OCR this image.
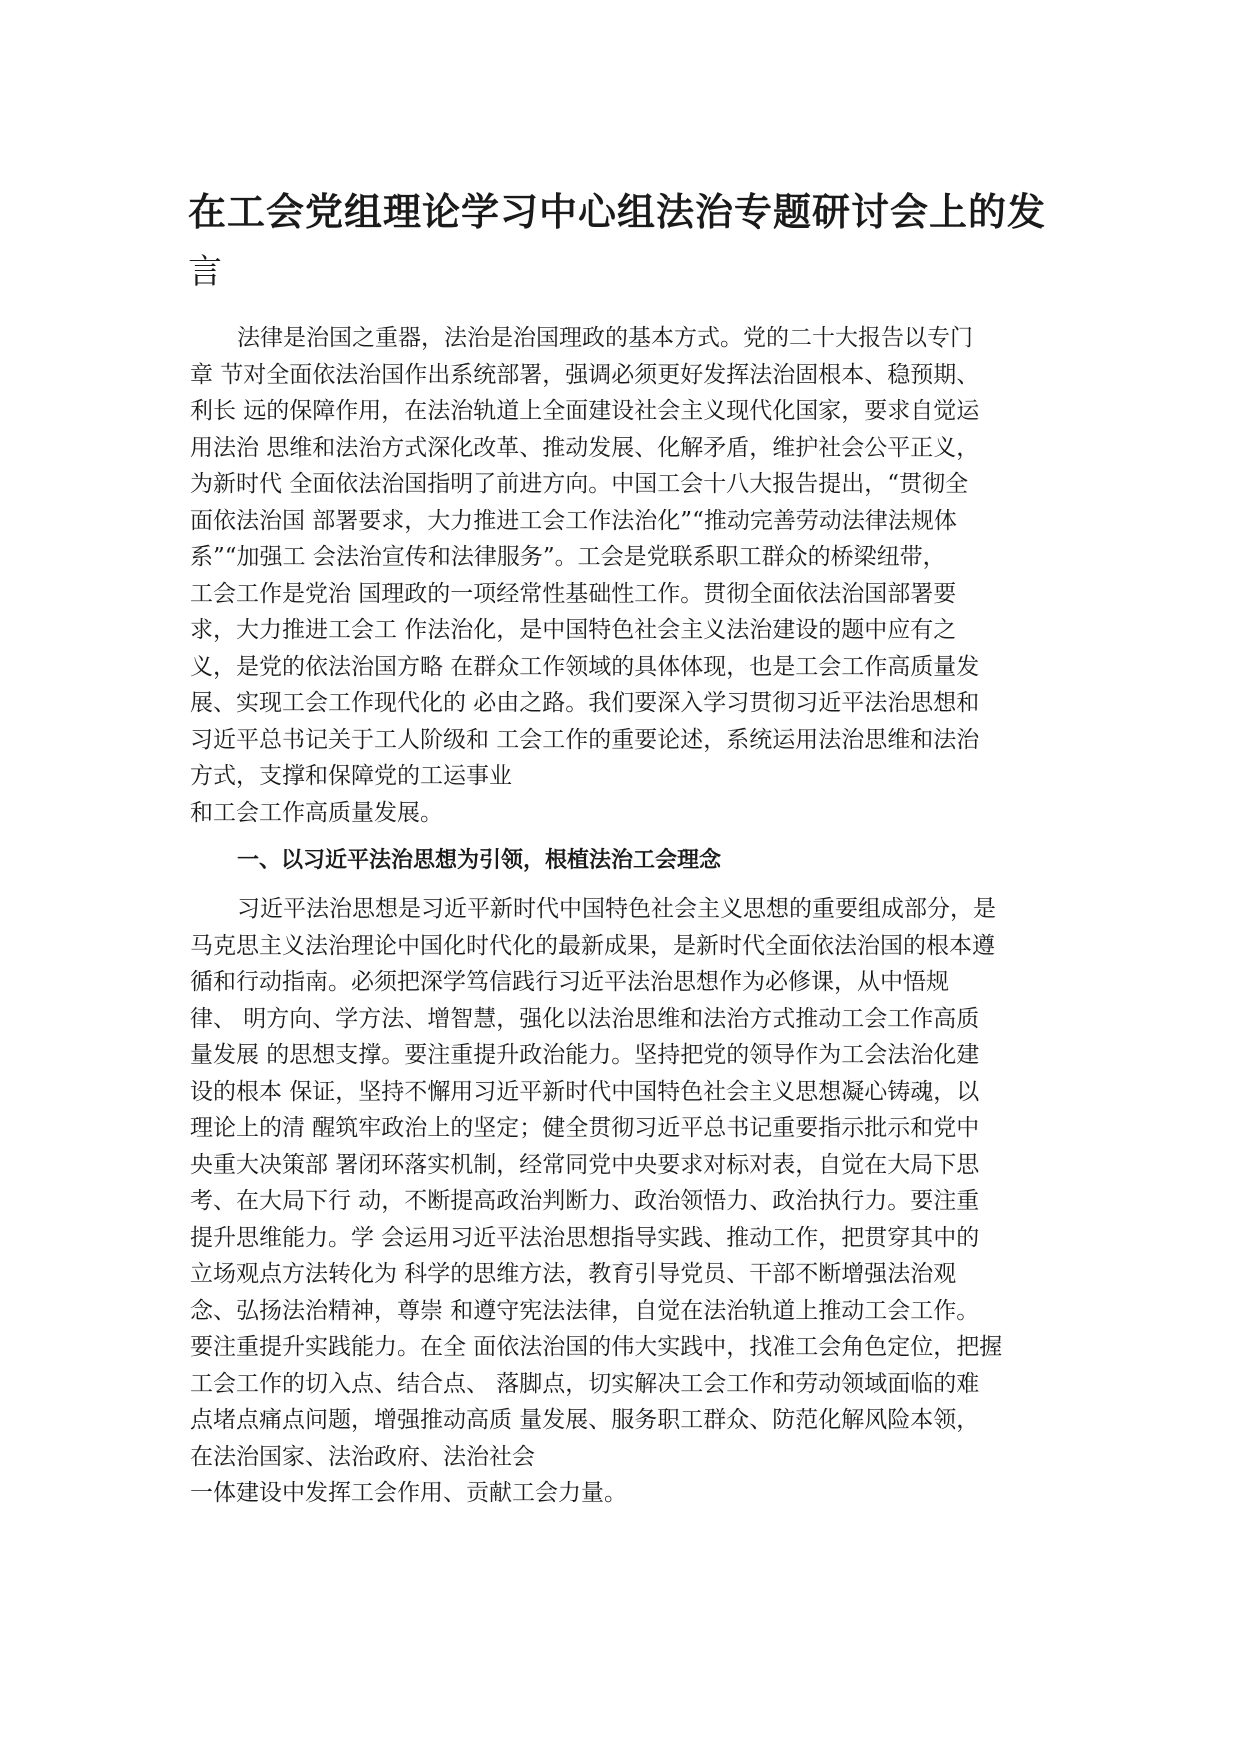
在工会党组理论学习中心组法治专题研讨会上的发
言

法律是治国之重器，法治是治国理政的基本方式。党的二十大报告以专门
章 节对全面依法治国作出系统部署，强调必须更好发挥法治固根本、稳预期、
利长 远的保障作用，在法治轨道上全面建设社会主义现代化国家，要求自觉运
用法治 思维和法治方式深化改革、推动发展、化解矛盾，维护社会公平正义，
为新时代 全面依法治国指明了前进方向。中国工会十八大报告提出，“贯彻全
面依法治国 部署要求，大力推进工会工作法治化”“推动完善劳动法律法规体
系”“加强工 会法治宣传和法律服务”。工会是党联系职工群众的桥梁纽带，
工会工作是党治 国理政的一项经常性基础性工作。贯彻全面依法治国部署要
求，大力推进工会工 作法治化，是中国特色社会主义法治建设的题中应有之
义，是党的依法治国方略 在群众工作领域的具体体现，也是工会工作高质量发
展、实现工会工作现代化的 必由之路。我们要深入学习贯彻习近平法治思想和
习近平总书记关于工人阶级和 工会工作的重要论述，系统运用法治思维和法治
方式，支撑和保障党的工运事业
和工会工作高质量发展。

一、以习近平法治思想为引领，根植法治工会理念

习近平法治思想是习近平新时代中国特色社会主义思想的重要组成部分，是
马克思主义法治理论中国化时代化的最新成果，是新时代全面依法治国的根本遵
循和行动指南。必须把深学笃信践行习近平法治思想作为必修课，从中悟规
律、 明方向、学方法、增智慧，强化以法治思维和法治方式推动工会工作高质
量发展 的思想支撑。要注重提升政治能力。坚持把党的领导作为工会法治化建
设的根本 保证，坚持不懈用习近平新时代中国特色社会主义思想凝心铸魂，以
理论上的清 醒筑牢政治上的坚定；健全贯彻习近平总书记重要指示批示和党中
央重大决策部 署闭环落实机制，经常同党中央要求对标对表，自觉在大局下思
考、在大局下行 动，不断提高政治判断力、政治领悟力、政治执行力。要注重
提升思维能力。学 会运用习近平法治思想指导实践、推动工作，把贯穿其中的
立场观点方法转化为 科学的思维方法，教育引导党员、干部不断增强法治观
念、弘扬法治精神，尊崇 和遵守宪法法律，自觉在法治轨道上推动工会工作。
要注重提升实践能力。在全 面依法治国的伟大实践中，找准工会角色定位，把握
工会工作的切入点、结合点、 落脚点，切实解决工会工作和劳动领域面临的难
点堵点痛点问题，增强推动高质 量发展、服务职工群众、防范化解风险本领，
在法治国家、法治政府、法治社会
一体建设中发挥工会作用、贡献工会力量。
